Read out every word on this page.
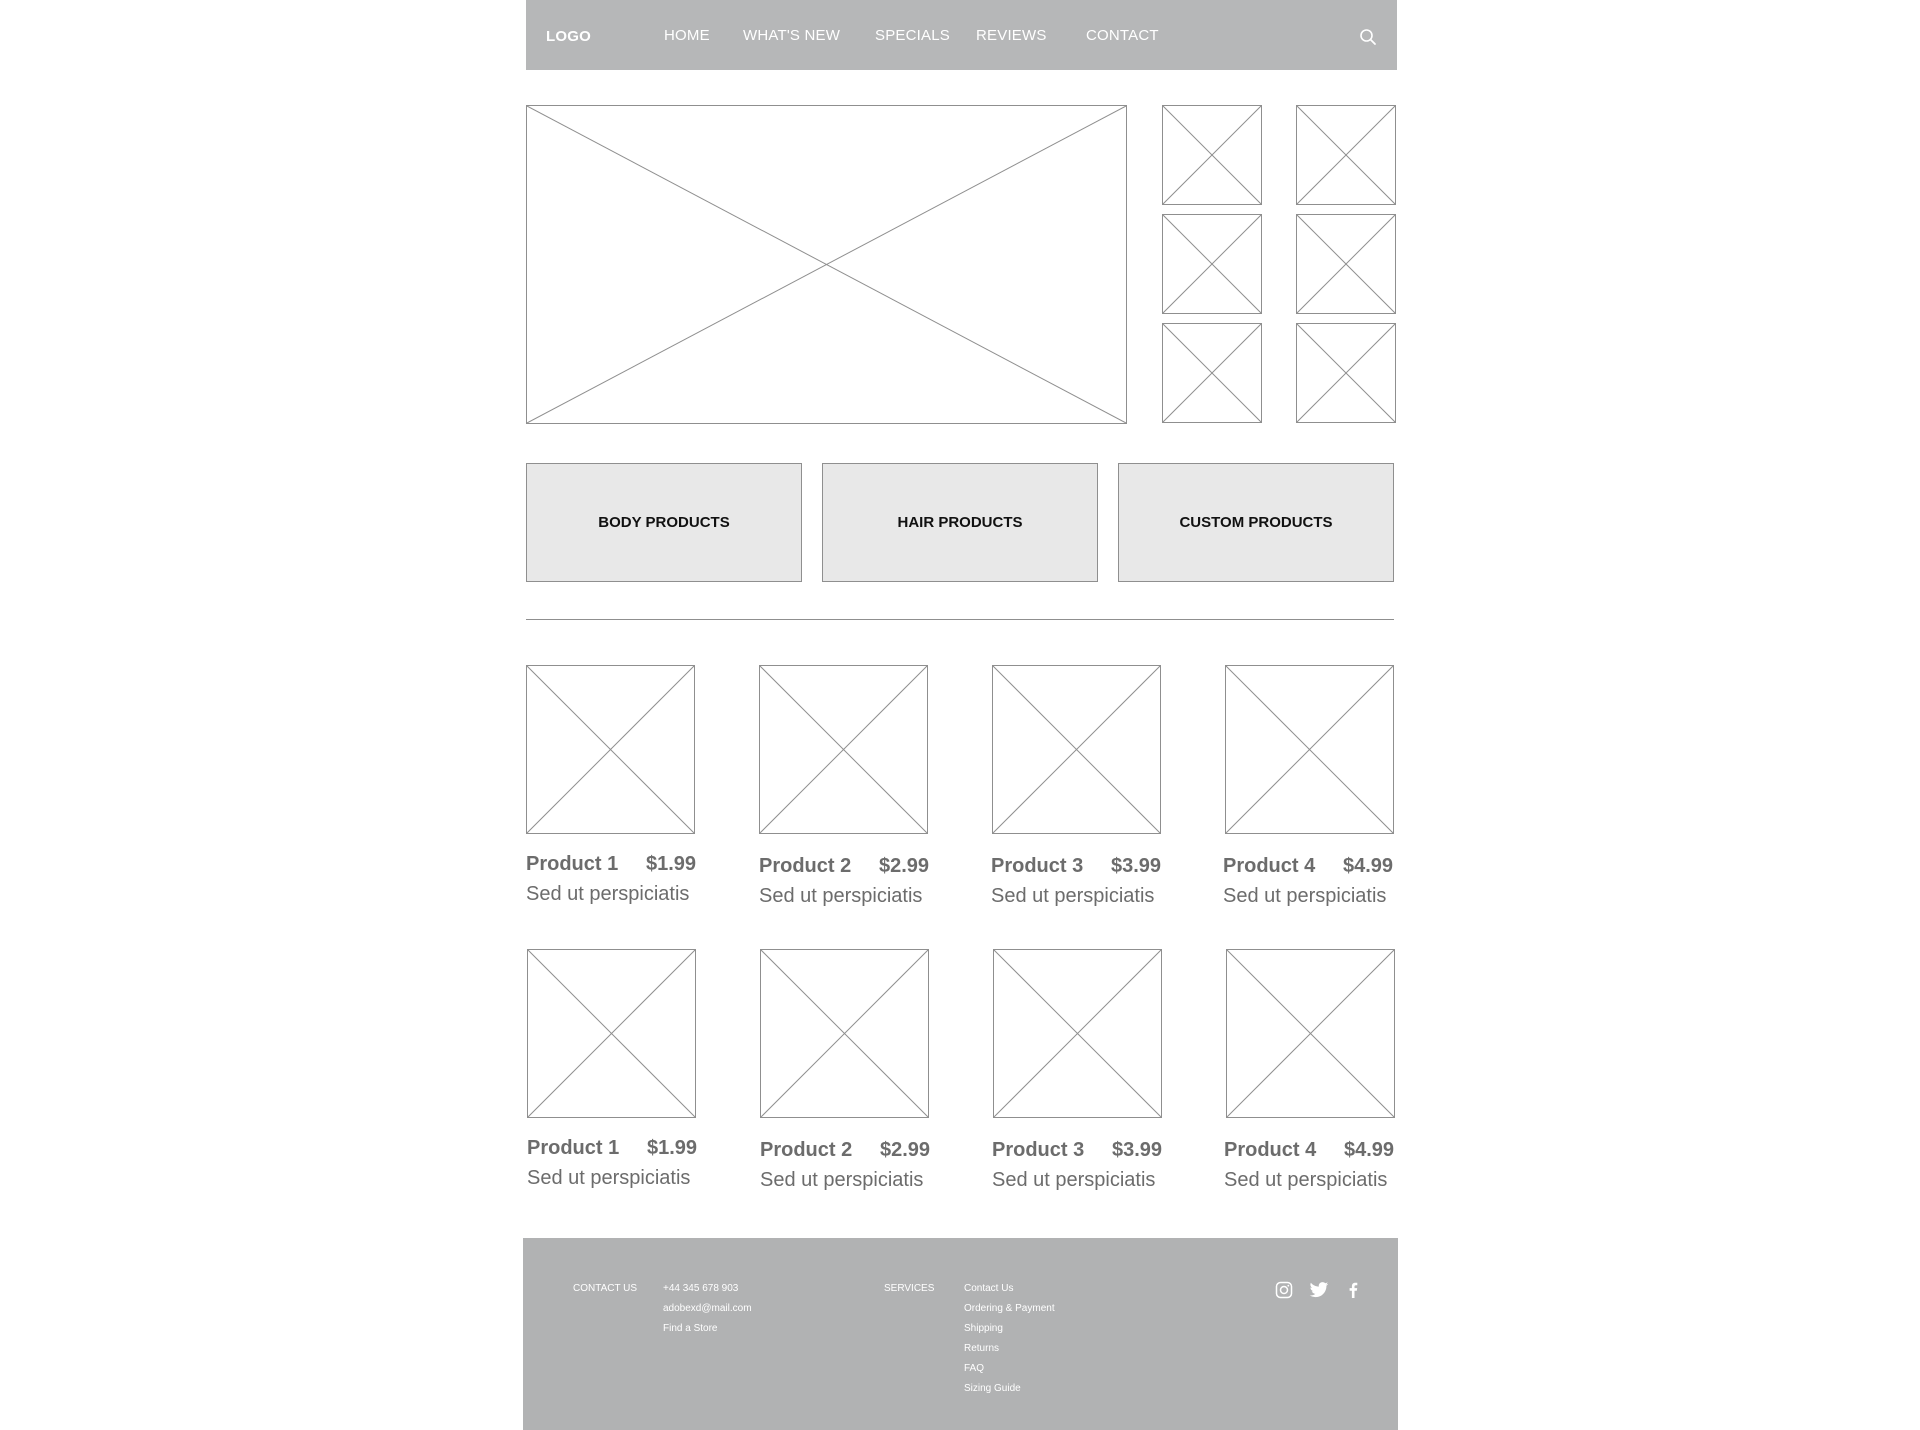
LOGO	HOME WHAT'S NEW SPECIALS REVIEWS	CONTACT
BODY PRODUCTS	HAIR PRODUCTS	CUSTOM PRODUCTS
Product 1 $1.99
Sed ut perspiciatis
Product 2 $2.99
Sed ut perspiciatis
Product 3 $3.99
Sed ut perspiciatis
Product 4 $4.99
Sed ut perspiciatis
Product 1 $1.99
Sed ut perspiciatis
Product 2 $2.99
Sed ut perspiciatis
Product 3 $3.99
Sed ut perspiciatis
Product 4 $4.99
Sed ut perspiciatis
CONTACT US	+44 345 678 903
adobexd@mail.com
Find a Store
SERVICES	Contact Us
Ordering & Payment
Shipping
Returns
FAQ
Sizing Guide
